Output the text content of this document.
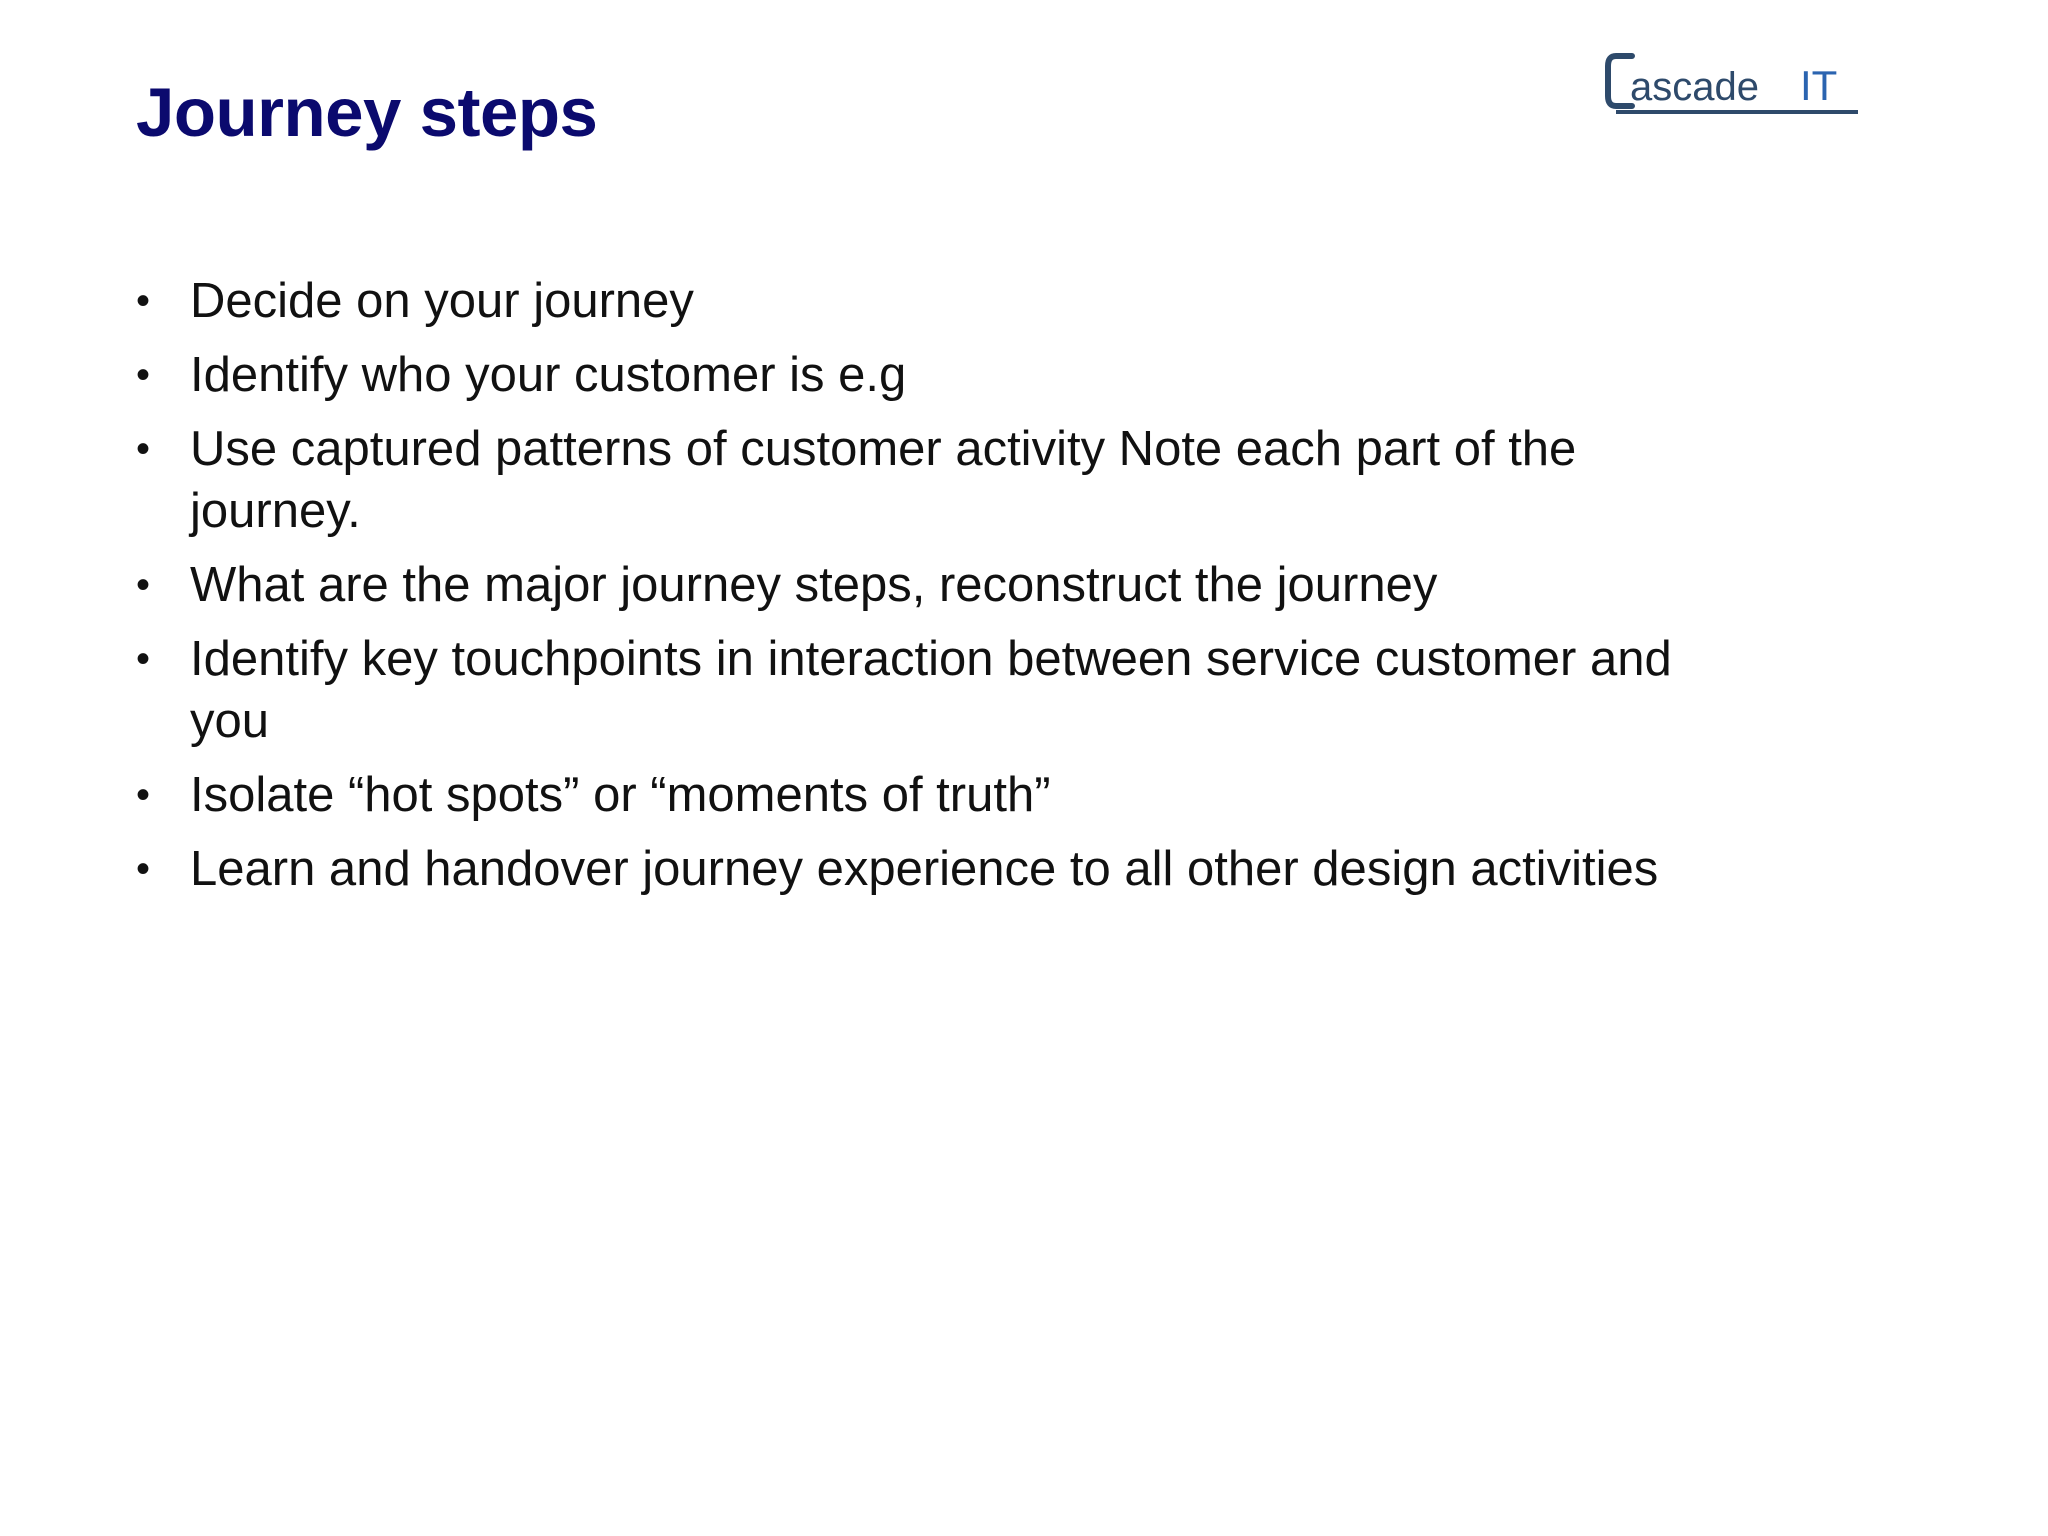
Journey steps	ascade IT
• Decide on your journey
• Identify who your customer is e.g
• Use captured patterns of customer activity Note each part of the journey.
• What are the major journey steps, reconstruct the journey
• Identify key touchpoints in interaction between service customer and you
• Isolate “hot spots” or “moments of truth”
• Learn and handover journey experience to all other design activities
